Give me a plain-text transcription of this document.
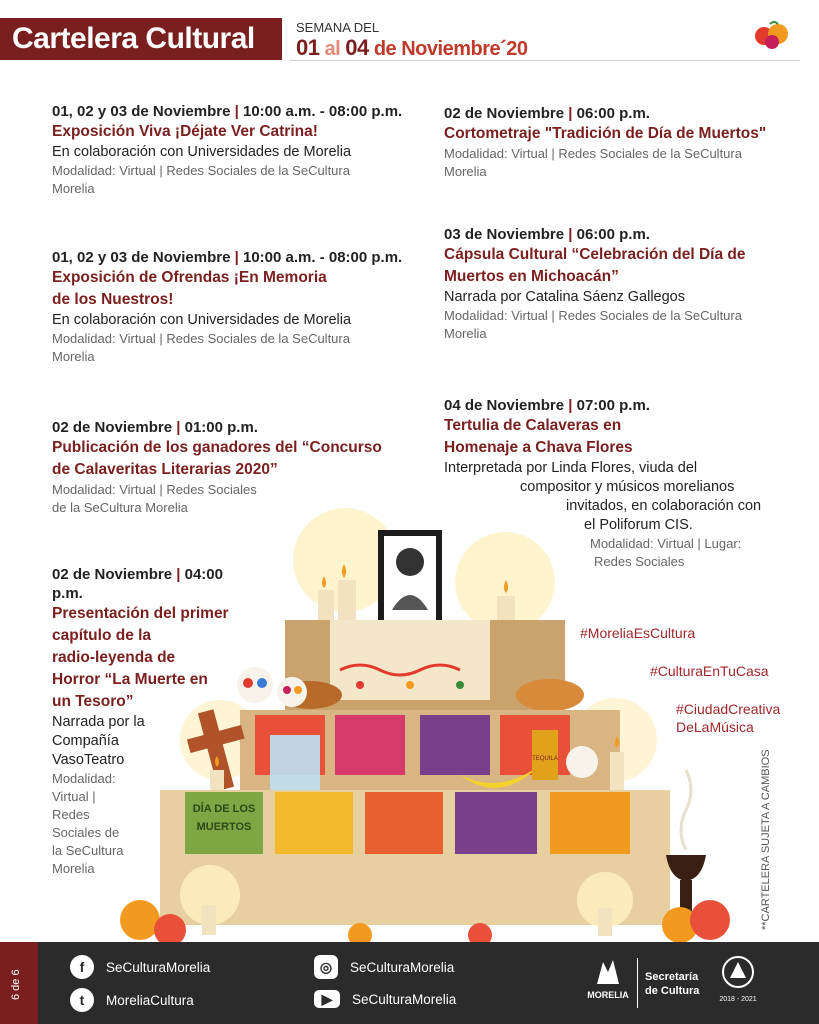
Cartelera Cultural	SEMANA DEL
01 al 04 de Noviembre´20
01, 02 y 03 de Noviembre | 10:00 a.m. - 08:00 p.m.
Exposición Viva ¡Déjate Ver Catrina!
En colaboración con Universidades de Morelia
Modalidad: Virtual | Redes Sociales de la SeCultura
Morelia
01, 02 y 03 de Noviembre | 10:00 a.m. - 08:00 p.m.
Exposición de Ofrendas ¡En Memoria
de los Nuestros!
En colaboración con Universidades de Morelia
Modalidad: Virtual | Redes Sociales de la SeCultura
Morelia
02 de Noviembre | 01:00 p.m.
Publicación de los ganadores del “Concurso
de Calaveritas Literarias 2020”
Modalidad: Virtual | Redes Sociales
de la SeCultura Morelia
TEQUILA
DÍA DE LOS
MUERTOS
02 de Noviembre | 04:00 p.m.
Presentación del primer
capítulo de la
radio-leyenda de
Horror “La Muerte en
un Tesoro”
Narrada por la
Compañía
VasoTeatro
Modalidad:
Virtual |
Redes
Sociales de
la SeCultura
Morelia
02 de Noviembre | 06:00 p.m.
Cortometraje "Tradición de Día de Muertos"
Modalidad: Virtual | Redes Sociales de la SeCultura
Morelia
03 de Noviembre | 06:00 p.m.
Cápsula Cultural “Celebración del Día de
Muertos en Michoacán”
Narrada por Catalina Sáenz Gallegos
Modalidad: Virtual | Redes Sociales de la SeCultura
Morelia
04 de Noviembre | 07:00 p.m.
Tertulia de Calaveras en
Homenaje a Chava Flores
Interpretada por Linda Flores, viuda del
compositor y músicos morelianos
invitados, en colaboración con
el Poliforum CIS.
Modalidad: Virtual | Lugar:
Redes Sociales
#MoreliaEsCultura
#CulturaEnTuCasa
#CiudadCreativa
DeLaMúsica
**CARTELERA SUJETA A CAMBIOS
6 de 6
f	SeCulturaMorelia
t	MoreliaCultura
◎	SeCulturaMorelia
▶	SeCulturaMorelia	MORELIA
Secretaría
de Cultura
2018 - 2021
